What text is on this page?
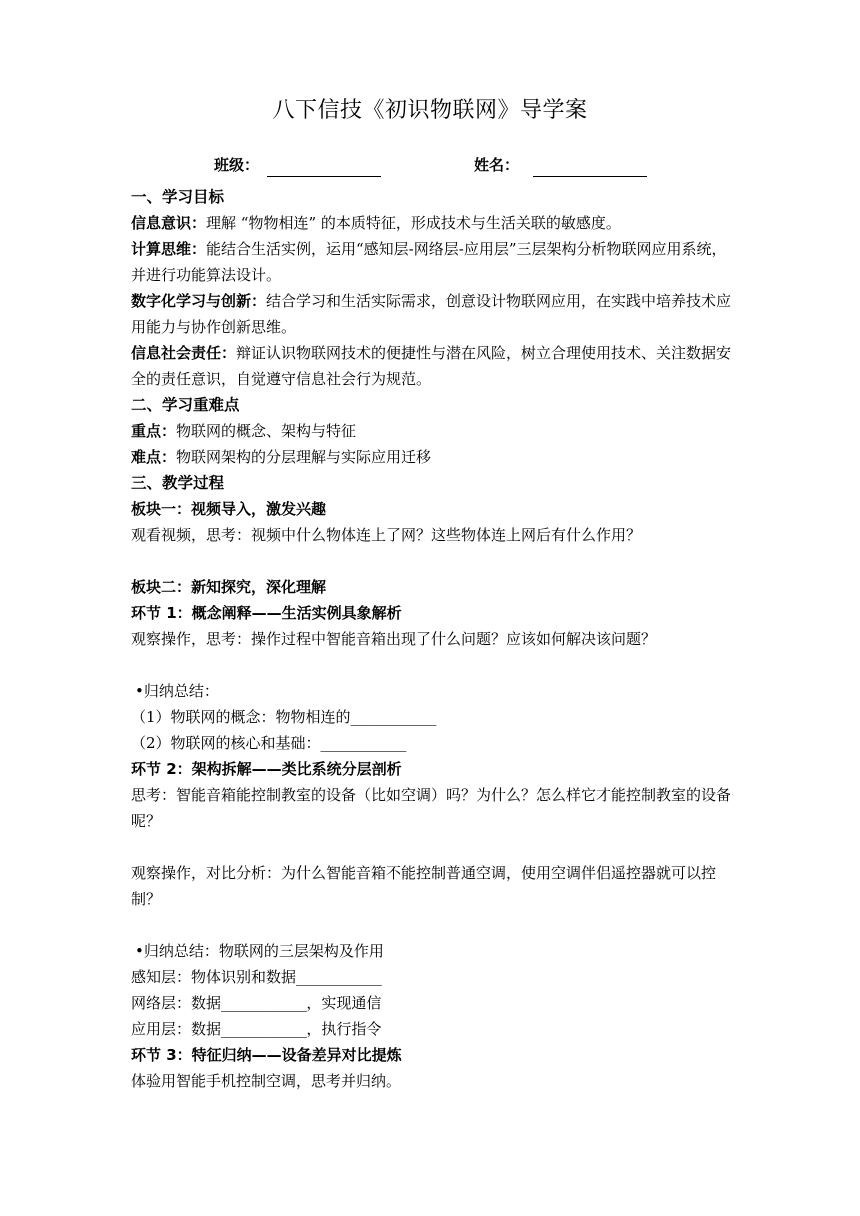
八下信技《初识物联网》导学案
班级：	姓名：
一、学习目标
信息意识：理解 “物物相连” 的本质特征，形成技术与生活关联的敏感度。
计算思维：能结合生活实例，运用“感知层-网络层-应用层”三层架构分析物联网应用系统，并进行功能算法设计。
数字化学习与创新：结合学习和生活实际需求，创意设计物联网应用，在实践中培养技术应用能力与协作创新思维。
信息社会责任：辩证认识物联网技术的便捷性与潜在风险，树立合理使用技术、关注数据安全的责任意识，自觉遵守信息社会行为规范。
二、学习重难点
重点：物联网的概念、架构与特征
难点：物联网架构的分层理解与实际应用迁移
三、教学过程
板块一：视频导入，激发兴趣
观看视频，思考：视频中什么物体连上了网？这些物体连上网后有什么作用？
板块二：新知探究，深化理解
环节 1：概念阐释——生活实例具象解析
观察操作，思考：操作过程中智能音箱出现了什么问题？应该如何解决该问题？
•归纳总结：
（1）物联网的概念：物物相连的__________
（2）物联网的核心和基础：__________
环节 2：架构拆解——类比系统分层剖析
思考：智能音箱能控制教室的设备（比如空调）吗？为什么？怎么样它才能控制教室的设备呢？
观察操作，对比分析：为什么智能音箱不能控制普通空调，使用空调伴侣遥控器就可以控制？
•归纳总结：物联网的三层架构及作用
感知层：物体识别和数据__________
网络层：数据__________，实现通信
应用层：数据__________，执行指令
环节 3：特征归纳——设备差异对比提炼
体验用智能手机控制空调，思考并归纳。
